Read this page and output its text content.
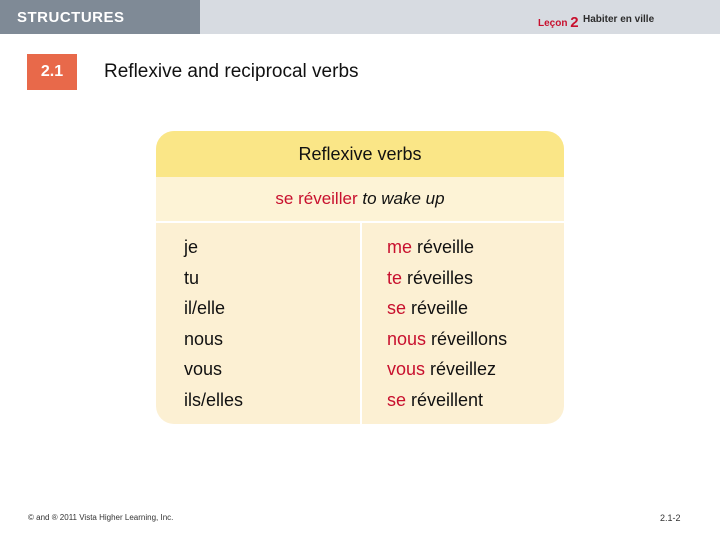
STRUCTURES	Leçon 2 Habiter en ville
2.1	Reflexive and reciprocal verbs
Reflexive verbs
se réveiller to wake up
je	me réveille
tu	te réveilles
il/elle	se réveille
nous	nous réveillons
vous	vous réveillez
ils/elles	se réveillent
© and ® 2011 Vista Higher Learning, Inc.	2.1-2
